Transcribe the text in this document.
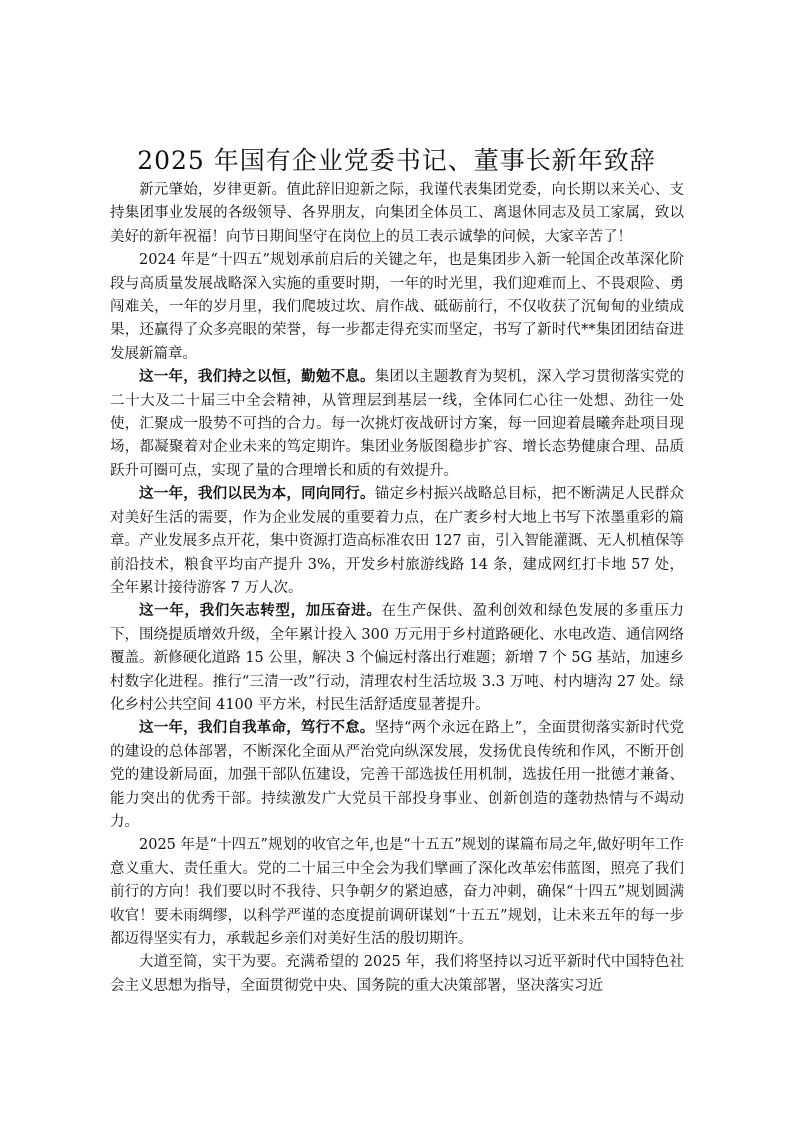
2025 年国有企业党委书记、董事长新年致辞

新元肇始，岁律更新。值此辞旧迎新之际，我谨代表集团党委，向长期以来关心、支持集团事业发展的各级领导、各界朋友，向集团全体员工、离退休同志及员工家属，致以美好的新年祝福！向节日期间坚守在岗位上的员工表示诚挚的问候，大家辛苦了！

2024 年是“十四五”规划承前启后的关键之年，也是集团步入新一轮国企改革深化阶段与高质量发展战略深入实施的重要时期，一年的时光里，我们迎难而上、不畏艰险、勇闯难关，一年的岁月里，我们爬坡过坎、肩作战、砥砺前行，不仅收获了沉甸甸的业绩成果，还赢得了众多亮眼的荣誉，每一步都走得充实而坚定，书写了新时代**集团团结奋进发展新篇章。

这一年，我们持之以恒，勤勉不息。集团以主题教育为契机，深入学习贯彻落实党的二十大及二十届三中全会精神，从管理层到基层一线，全体同仁心往一处想、劲往一处使，汇聚成一股势不可挡的合力。每一次挑灯夜战研讨方案，每一回迎着晨曦奔赴项目现场，都凝聚着对企业未来的笃定期许。集团业务版图稳步扩容、增长态势健康合理、品质跃升可圈可点，实现了量的合理增长和质的有效提升。

这一年，我们以民为本，同向同行。锚定乡村振兴战略总目标，把不断满足人民群众对美好生活的需要，作为企业发展的重要着力点，在广袤乡村大地上书写下浓墨重彩的篇章。产业发展多点开花，集中资源打造高标准农田 127 亩，引入智能灌溉、无人机植保等前沿技术，粮食平均亩产提升 3%，开发乡村旅游线路 14 条，建成网红打卡地 57 处，全年累计接待游客 7 万人次。

这一年，我们矢志转型，加压奋进。在生产保供、盈利创效和绿色发展的多重压力下，围绕提质增效升级，全年累计投入 300 万元用于乡村道路硬化、水电改造、通信网络覆盖。新修硬化道路 15 公里，解决 3 个偏远村落出行难题；新增 7 个 5G 基站，加速乡村数字化进程。推行“三清一改”行动，清理农村生活垃圾 3.3 万吨、村内塘沟 27 处。绿化乡村公共空间 4100 平方米，村民生活舒适度显著提升。

这一年，我们自我革命，笃行不怠。坚持“两个永远在路上”，全面贯彻落实新时代党的建设的总体部署，不断深化全面从严治党向纵深发展，发扬优良传统和作风，不断开创党的建设新局面，加强干部队伍建设，完善干部选拔任用机制，选拔任用一批德才兼备、能力突出的优秀干部。持续激发广大党员干部投身事业、创新创造的蓬勃热情与不竭动力。

2025 年是“十四五”规划的收官之年,也是“十五五”规划的谋篇布局之年,做好明年工作意义重大、责任重大。党的二十届三中全会为我们擘画了深化改革宏伟蓝图，照亮了我们前行的方向！我们要以时不我待、只争朝夕的紧迫感，奋力冲刺，确保“十四五”规划圆满收官！要未雨绸缪，以科学严谨的态度提前调研谋划“十五五”规划，让未来五年的每一步都迈得坚实有力，承载起乡亲们对美好生活的殷切期许。

大道至简，实干为要。充满希望的 2025 年，我们将坚持以习近平新时代中国特色社会主义思想为指导，全面贯彻党中央、国务院的重大决策部署，坚决落实习近
